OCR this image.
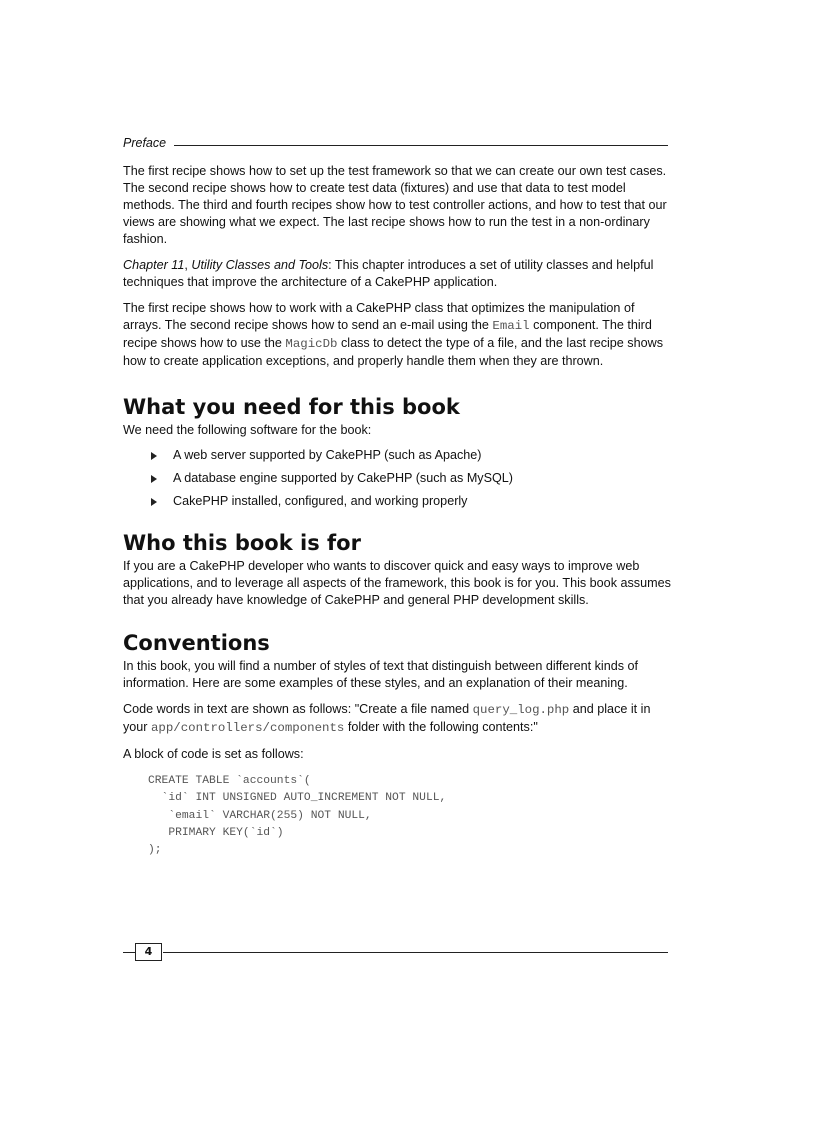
Preface

The first recipe shows how to set up the test framework so that we can create our own test cases. The second recipe shows how to create test data (fixtures) and use that data to test model methods. The third and fourth recipes show how to test controller actions, and how to test that our views are showing what we expect. The last recipe shows how to run the test in a non-ordinary fashion.

Chapter 11, Utility Classes and Tools: This chapter introduces a set of utility classes and helpful techniques that improve the architecture of a CakePHP application.

The first recipe shows how to work with a CakePHP class that optimizes the manipulation of arrays. The second recipe shows how to send an e-mail using the Email component. The third recipe shows how to use the MagicDb class to detect the type of a file, and the last recipe shows how to create application exceptions, and properly handle them when they are thrown.

What you need for this book

We need the following software for the book:

A web server supported by CakePHP (such as Apache)
A database engine supported by CakePHP (such as MySQL)
CakePHP installed, configured, and working properly
Who this book is for

If you are a CakePHP developer who wants to discover quick and easy ways to improve web applications, and to leverage all aspects of the framework, this book is for you. This book assumes that you already have knowledge of CakePHP and general PHP development skills.

Conventions

In this book, you will find a number of styles of text that distinguish between different kinds of information. Here are some examples of these styles, and an explanation of their meaning.

Code words in text are shown as follows: "Create a file named query_log.php and place it in your app/controllers/components folder with the following contents:"

A block of code is set as follows:

CREATE TABLE `accounts`(
`id` INT UNSIGNED AUTO_INCREMENT NOT NULL,
`email` VARCHAR(255) NOT NULL,
PRIMARY KEY(`id`)
);
4
